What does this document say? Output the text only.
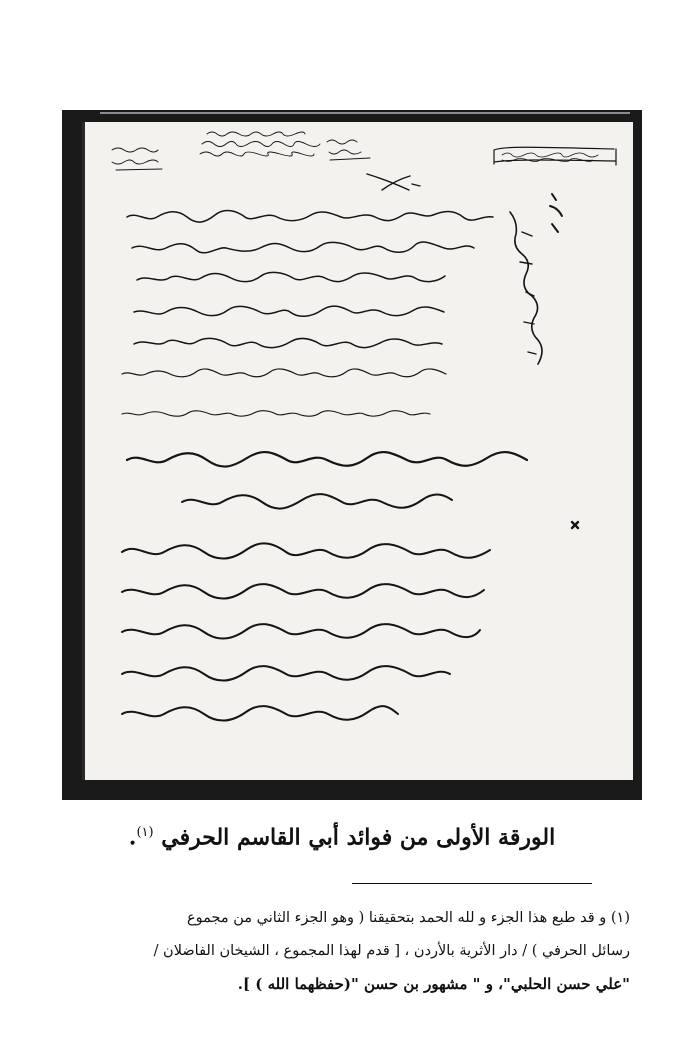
الورقة الأولى من فوائد أبي القاسم الحرفي $^{(١)}$.
(١) و قد طبع هذا الجزء و لله الحمد بتحقيقنا ( وهو الجزء الثاني من مجموع
رسائل الحرفي ) / دار الأثرية بالأردن ، [ قدم لهذا المجموع ، الشيخان الفاضلان /
"علي حسن الحلبي"، و " مشهور بن حسن "(حفظهما الله ) ].
